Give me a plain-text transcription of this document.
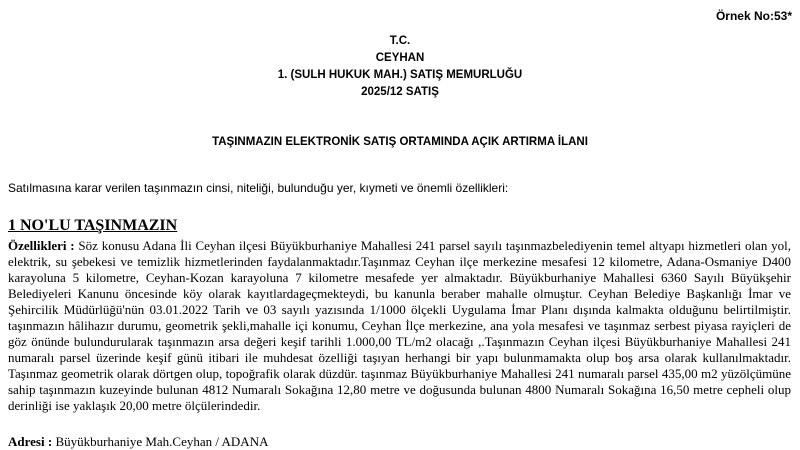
Örnek No:53*
T.C.
CEYHAN
1. (SULH HUKUK MAH.) SATIŞ MEMURLUĞU
2025/12 SATIŞ
TAŞINMAZIN ELEKTRONİK SATIŞ ORTAMINDA AÇIK ARTIRMA İLANI
Satılmasına karar verilen taşınmazın cinsi, niteliği, bulunduğu yer, kıymeti ve önemli özellikleri:
1 NO'LU TAŞINMAZIN
Özellikleri : Söz konusu Adana İli Ceyhan ilçesi Büyükburhaniye Mahallesi 241 parsel sayılı taşınmazbelediyenin temel altyapı hizmetleri olan yol, elektrik, su şebekesi ve temizlik hizmetlerinden faydalanmaktadır.Taşınmaz Ceyhan ilçe merkezine mesafesi 12 kilometre, Adana-Osmaniye D400 karayoluna 5 kilometre, Ceyhan-Kozan karayoluna 7 kilometre mesafede yer almaktadır. Büyükburhaniye Mahallesi 6360 Sayılı Büyükşehir Belediyeleri Kanunu öncesinde köy olarak kayıtlardageçmekteydi, bu kanunla beraber mahalle olmuştur. Ceyhan Belediye Başkanlığı İmar ve Şehircilik Müdürlüğü'nün 03.01.2022 Tarih ve 03 sayılı yazısında 1/1000 ölçekli Uygulama İmar Planı dışında kalmakta olduğunu belirtilmiştir. taşınmazın hâlihazır durumu, geometrik şekli,mahalle içi konumu, Ceyhan İlçe merkezine, ana yola mesafesi ve taşınmaz serbest piyasa rayiçleri de göz önünde bulundurularak taşınmazın arsa değeri keşif tarihli 1.000,00 TL/m2 olacağı ,.Taşınmazın Ceyhan ilçesi Büyükburhaniye Mahallesi 241 numaralı parsel üzerinde keşif günü itibari ile muhdesat özelliği taşıyan herhangi bir yapı bulunmamakta olup boş arsa olarak kullanılmaktadır. Taşınmaz geometrik olarak dörtgen olup, topoğrafik olarak düzdür. taşınmaz Büyükburhaniye Mahallesi 241 numaralı parsel 435,00 m2 yüzölçümüne sahip taşınmazın kuzeyinde bulunan 4812 Numaralı Sokağına 12,80 metre ve doğusunda bulunan 4800 Numaralı Sokağına 16,50 metre cepheli olup derinliği ise yaklaşık 20,00 metre ölçülerindedir.
Adresi : Büyükburhaniye Mah.Ceyhan / ADANA
